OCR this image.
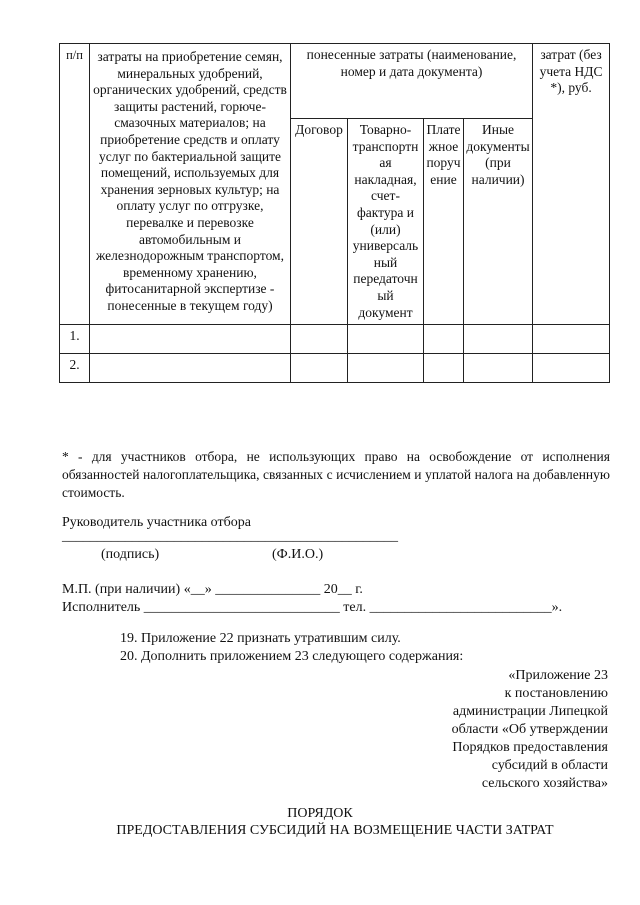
п/п	затраты на приобретение семян, минеральных удобрений, органических удобрений, средств защиты растений, горюче-смазочных материалов; на приобретение средств и оплату услуг по бактериальной защите помещений, используемых для хранения зерновых культур; на оплату услуг по отгрузке, перевалке и перевозке автомобильным и железнодорожным транспортом, временному хранению, фитосанитарной экспертизе - понесенные в текущем году)	понесенные затраты (наименование, номер и дата документа)				затрат (без учета НДС *), руб.
		Договор	Товарно-транспортная накладная, счет-фактура и (или) универсальный передаточный документ	Платежное поручение	Иные документы (при наличии)	
1.						
2.						
* - для участников отбора, не использующих право на освобождение от исполнения обязанностей налогоплательщика, связанных с исчислением и уплатой налога на добавленную стоимость.
Руководитель участника отбора
________________________________________________
(подпись)	(Ф.И.О.)
М.П. (при наличии) «__» _______________ 20__ г.
Исполнитель ____________________________ тел. __________________________».
19. Приложение 22 признать утратившим силу.
20. Дополнить приложением 23 следующего содержания:
«Приложение 23
к постановлению
администрации Липецкой
области «Об утверждении
Порядков предоставления
субсидий в области
сельского хозяйства»
ПОРЯДОК
ПРЕДОСТАВЛЕНИЯ СУБСИДИЙ НА ВОЗМЕЩЕНИЕ ЧАСТИ ЗАТРАТ
